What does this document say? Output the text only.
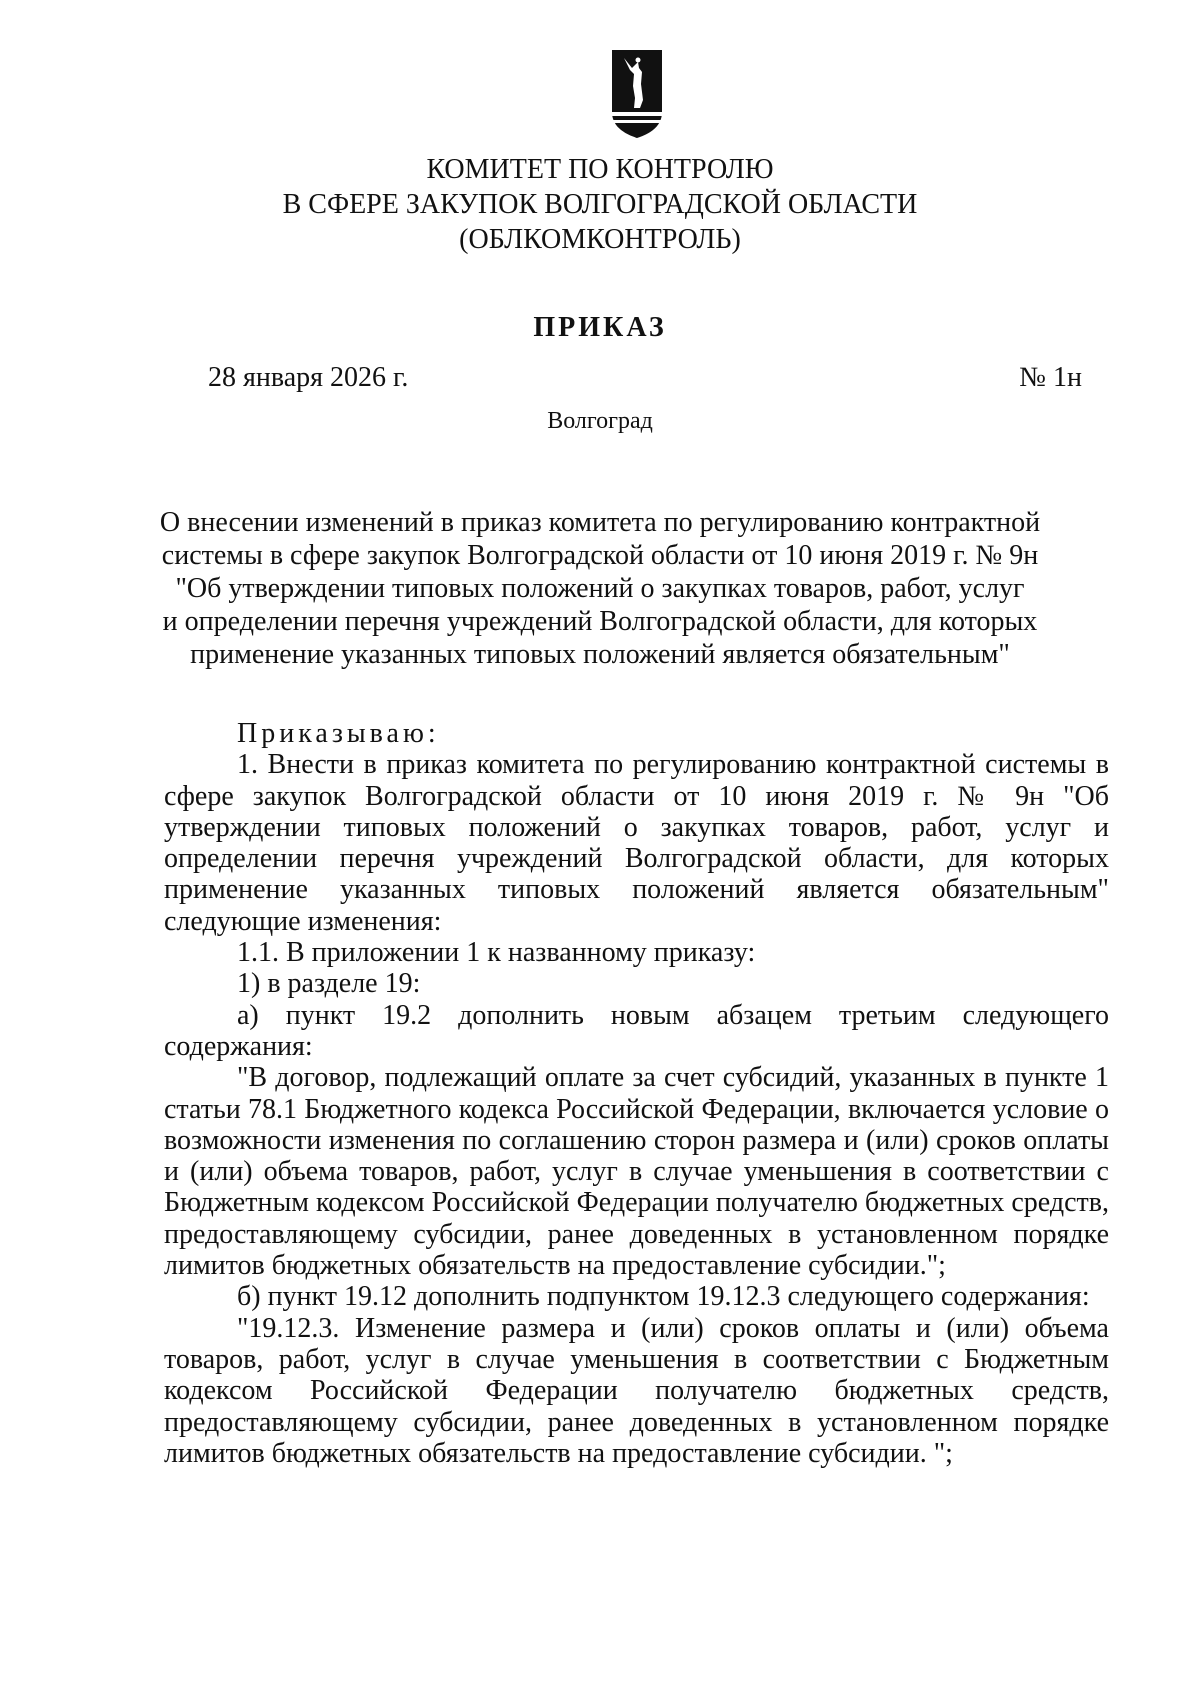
КОМИТЕТ ПО КОНТРОЛЮ
В СФЕРЕ ЗАКУПОК ВОЛГОГРАДСКОЙ ОБЛАСТИ
(ОБЛКОМКОНТРОЛЬ)
ПРИКАЗ
28 января 2026 г.	№ 1н
Волгоград
О внесении изменений в приказ комитета по регулированию контрактной
системы в сфере закупок Волгоградской области от 10 июня 2019 г. № 9н
"Об утверждении типовых положений о закупках товаров, работ, услуг
и определении перечня учреждений Волгоградской области, для которых
применение указанных типовых положений является обязательным"

Приказываю:

1. Внести в приказ комитета по регулированию контрактной системы в сфере закупок Волгоградской области от 10 июня 2019 г. № 9н "Об утверждении типовых положений о закупках товаров, работ, услуг и определении перечня учреждений Волгоградской области, для которых применение указанных типовых положений является обязательным" следующие изменения:

1.1. В приложении 1 к названному приказу:

1) в разделе 19:

а) пункт 19.2 дополнить новым абзацем третьим следующего содержания:

"В договор, подлежащий оплате за счет субсидий, указанных в пункте 1 статьи 78.1 Бюджетного кодекса Российской Федерации, включается условие о возможности изменения по соглашению сторон размера и (или) сроков оплаты и (или) объема товаров, работ, услуг в случае уменьшения в соответствии с Бюджетным кодексом Российской Федерации получателю бюджетных средств, предоставляющему субсидии, ранее доведенных в установленном порядке лимитов бюджетных обязательств на предоставление субсидии.";

б) пункт 19.12 дополнить подпунктом 19.12.3 следующего содержания:

"19.12.3. Изменение размера и (или) сроков оплаты и (или) объема товаров, работ, услуг в случае уменьшения в соответствии с Бюджетным кодексом Российской Федерации получателю бюджетных средств, предоставляющему субсидии, ранее доведенных в установленном порядке лимитов бюджетных обязательств на предоставление субсидии. ";
